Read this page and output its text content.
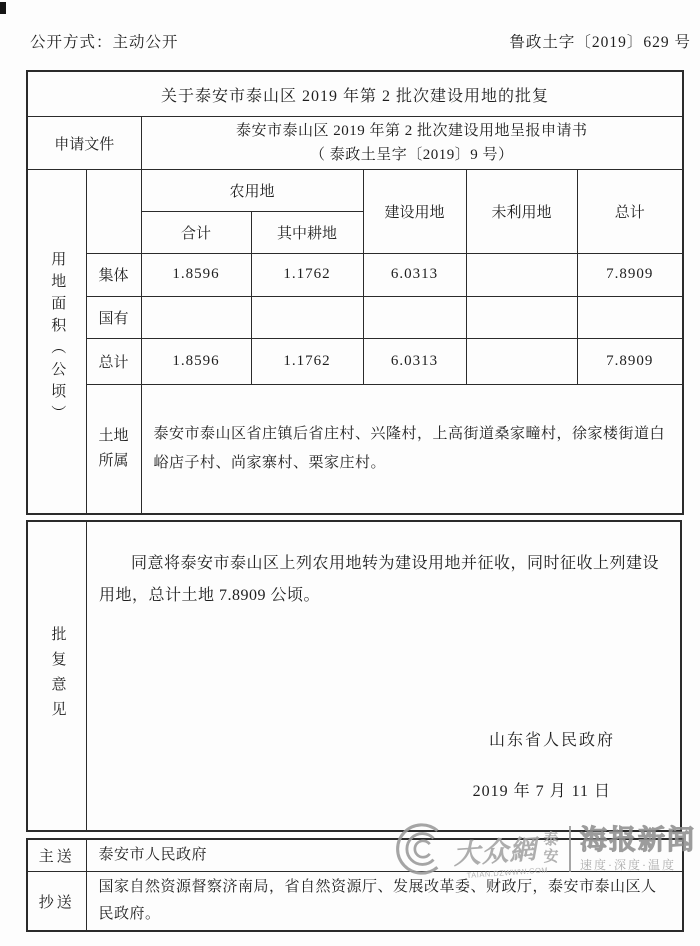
公开方式：主动公开	鲁政土字〔2019〕629 号
关于泰安市泰山区 2019 年第 2 批次建设用地的批复						
申请文件		泰安市泰山区 2019 年第 2 批次建设用地呈报申请书
（ 泰政土呈字〔2019〕9 号）				

用地面积（公顷）		农用地		建设用地	未利用地	总计
		合计	其中耕地			
	集体	1.8596	1.1762	6.0313		7.8909
	国有					
	总计	1.8596	1.1762	6.0313		7.8909
	土地所属	泰安市泰山区省庄镇后省庄村、兴隆村，上高街道桑家疃村，徐家楼街道白峪店子村、尚家寨村、栗家庄村。				
批复意见

同意将泰安市泰山区上列农用地转为建设用地并征收，同时征收上列建设用地，总计土地 7.8909 公顷。

山东省人民政府
2019 年 7 月 11 日
主送	泰安市人民政府

抄送	国家自然资源督察济南局，省自然资源厅、发展改革委、财政厅，泰安市泰山区人民政府。
大众網
TAIAN.DZWWW.COM
泰安
海报新闻
速度·深度·温度
